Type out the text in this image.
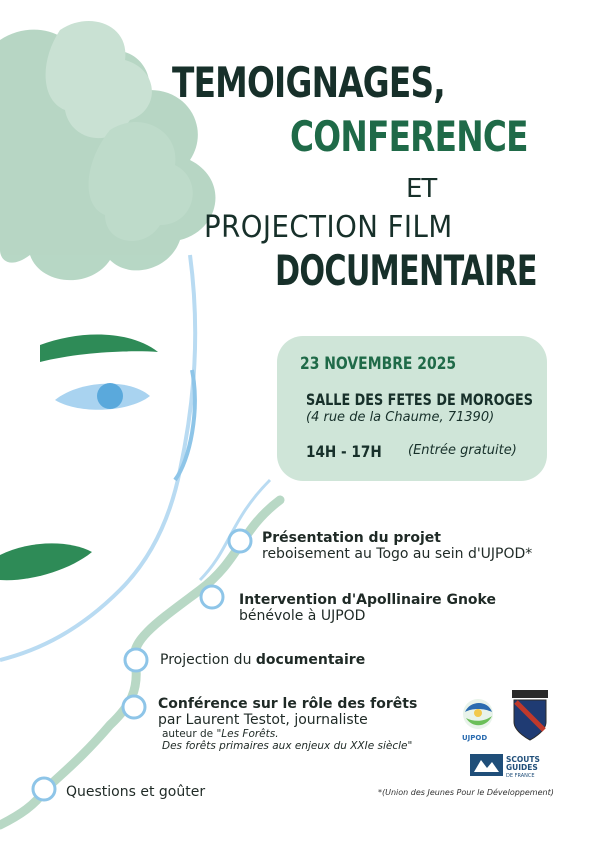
TEMOIGNAGES,
CONFERENCE
ET
PROJECTION FILM
DOCUMENTAIRE
23 NOVEMBRE 2025
SALLE DES FETES DE MOROGES
(4 rue de la Chaume, 71390)
14H - 17H (Entrée gratuite)
Présentation du projet
reboisement au Togo au sein d'UJPOD*
Intervention d'Apollinaire Gnoke
bénévole à UJPOD
Projection du documentaire
Conférence sur le rôle des forêts
par Laurent Testot, journaliste
auteur de "Les Forêts.
Des forêts primaires aux enjeux du XXIe siècle"
Questions et goûter	*(Union des Jeunes Pour le Développement)
UJPOD
SCOUTS
GUIDES
DE FRANCE
